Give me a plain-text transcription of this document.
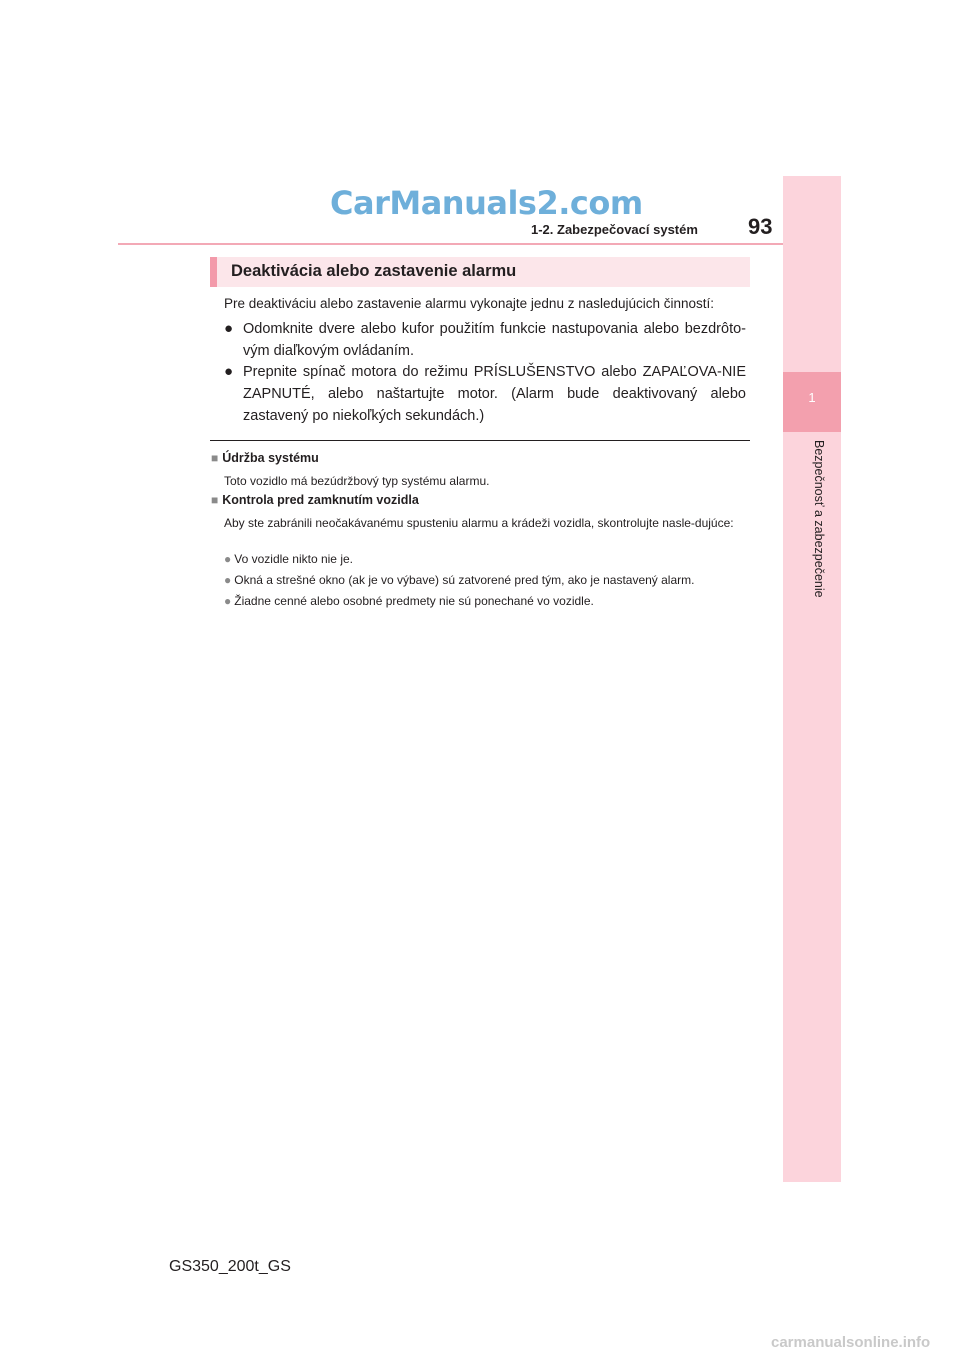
CarManuals2.com
1-2. Zabezpečovací systém 93
1
Bezpečnosť a zabezpečenie
Deaktivácia alebo zastavenie alarmu
Pre deaktiváciu alebo zastavenie alarmu vykonajte jednu z nasledujúcich činností:
● Odomknite dvere alebo kufor použitím funkcie nastupovania alebo bezdrôto-vým diaľkovým ovládaním.
● Prepnite spínač motora do režimu PRÍSLUŠENSTVO alebo ZAPAĽOVA-NIE ZAPNUTÉ, alebo naštartujte motor. (Alarm bude deaktivovaný alebo zastavený po niekoľkých sekundách.)
■ Údržba systému
Toto vozidlo má bezúdržbový typ systému alarmu.
■ Kontrola pred zamknutím vozidla
Aby ste zabránili neočakávanému spusteniu alarmu a krádeži vozidla, skontrolujte nasle-dujúce:
● Vo vozidle nikto nie je.
● Okná a strešné okno (ak je vo výbave) sú zatvorené pred tým, ako je nastavený alarm.
● Žiadne cenné alebo osobné predmety nie sú ponechané vo vozidle.
GS350_200t_GS
carmanualsonline.info
